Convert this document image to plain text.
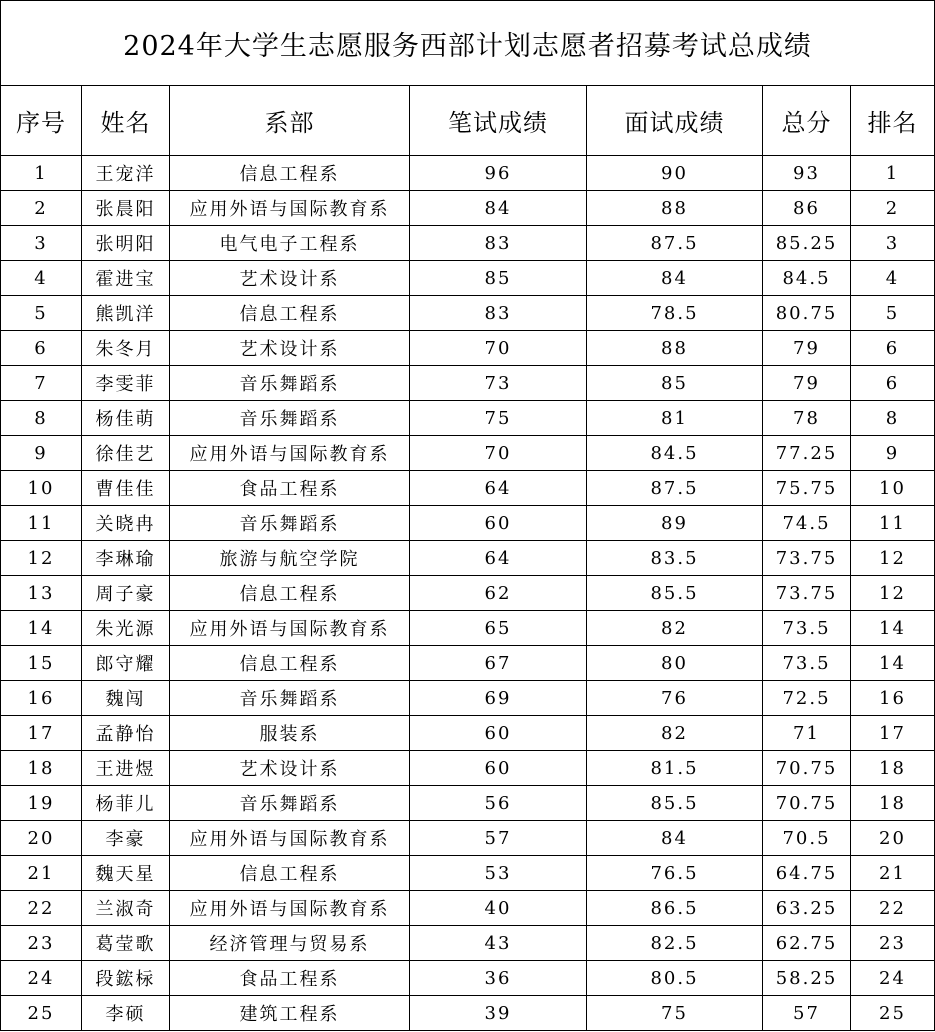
2024年大学生志愿服务西部计划志愿者招募考试总成绩						
序号	姓名	系部	笔试成绩	面试成绩	总分	排名
1	王宠洋	信息工程系	96	90	93	1
2	张晨阳	应用外语与国际教育系	84	88	86	2
3	张明阳	电气电子工程系	83	87.5	85.25	3
4	霍进宝	艺术设计系	85	84	84.5	4
5	熊凯洋	信息工程系	83	78.5	80.75	5
6	朱冬月	艺术设计系	70	88	79	6
7	李雯菲	音乐舞蹈系	73	85	79	6
8	杨佳萌	音乐舞蹈系	75	81	78	8
9	徐佳艺	应用外语与国际教育系	70	84.5	77.25	9
10	曹佳佳	食品工程系	64	87.5	75.75	10
11	关晓冉	音乐舞蹈系	60	89	74.5	11
12	李琳瑜	旅游与航空学院	64	83.5	73.75	12
13	周子豪	信息工程系	62	85.5	73.75	12
14	朱光源	应用外语与国际教育系	65	82	73.5	14
15	郎守耀	信息工程系	67	80	73.5	14
16	魏闯	音乐舞蹈系	69	76	72.5	16
17	孟静怡	服装系	60	82	71	17
18	王进煜	艺术设计系	60	81.5	70.75	18
19	杨菲儿	音乐舞蹈系	56	85.5	70.75	18
20	李豪	应用外语与国际教育系	57	84	70.5	20
21	魏天星	信息工程系	53	76.5	64.75	21
22	兰淑奇	应用外语与国际教育系	40	86.5	63.25	22
23	葛莹歌	经济管理与贸易系	43	82.5	62.75	23
24	段鋐柡	食品工程系	36	80.5	58.25	24
25	李硕	建筑工程系	39	75	57	25
